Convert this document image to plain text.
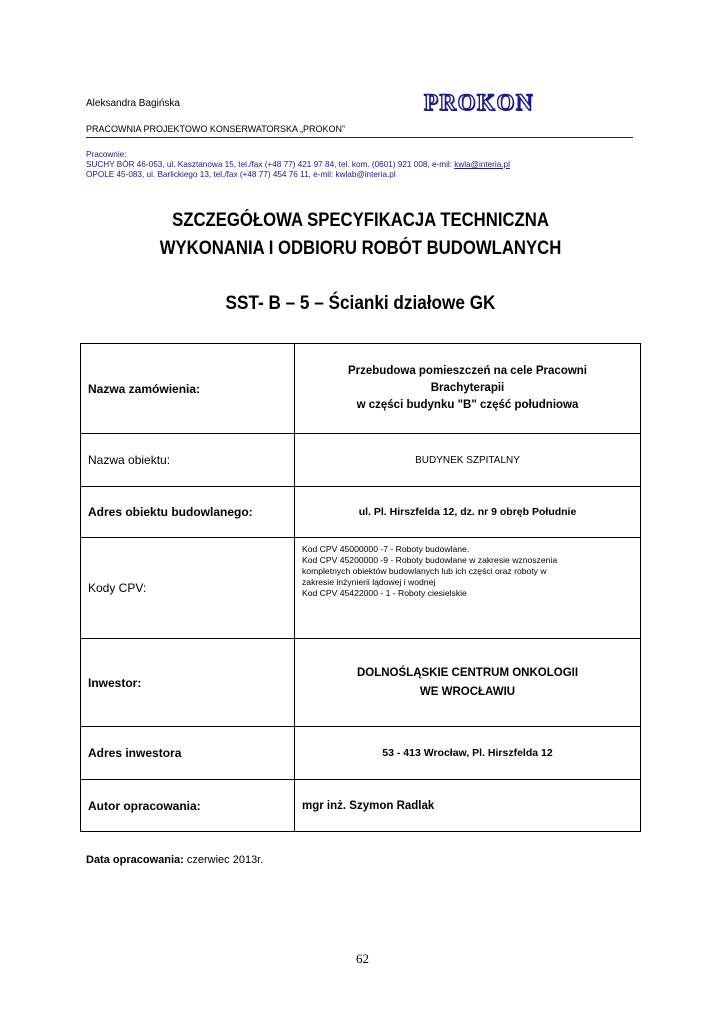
Aleksandra Bagińska	PROKON
PRACOWNIA PROJEKTOWO KONSERWATORSKA „PROKON”
Pracownie:
SUCHY BÓR 46-053, ul. Kasztanowa 15, tel./fax (+48 77) 421 97 84, tel. kom. (0601) 921 008, e-mil: kwla@interia.pl
OPOLE 45-083, ul. Barlickiego 13, tel./fax (+48 77) 454 76 11, e-mil: kwlab@interia.pl
SZCZEGÓŁOWA SPECYFIKACJA TECHNICZNA
WYKONANIA I ODBIORU ROBÓT BUDOWLANYCH
SST- B – 5 – Ścianki działowe GK
Nazwa zamówienia:	Przebudowa pomieszczeń na cele Pracowni
Brachyterapii
w części budynku "B" część południowa

Nazwa obiektu:	BUDYNEK SZPITALNY
Adres obiektu budowlanego:	ul. Pl. Hirszfelda 12, dz. nr 9 obręb Południe
Kody CPV:	Kod CPV 45000000 -7 - Roboty budowlane.
Kod CPV 45200000 -9 - Roboty budowlane w zakresie wznoszenia
kompletnych obiektów budowlanych lub ich części oraz roboty w
zakresie inżynierii lądowej i wodnej
Kod CPV 45422000 - 1 - Roboty ciesielskie

Inwestor:	DOLNOŚLĄSKIE CENTRUM ONKOLOGII
WE WROCŁAWIU

Adres inwestora	53 - 413 Wrocław, Pl. Hirszfelda 12
Autor opracowania:	mgr inż. Szymon Radlak
Data opracowania: czerwiec 2013r.
62
